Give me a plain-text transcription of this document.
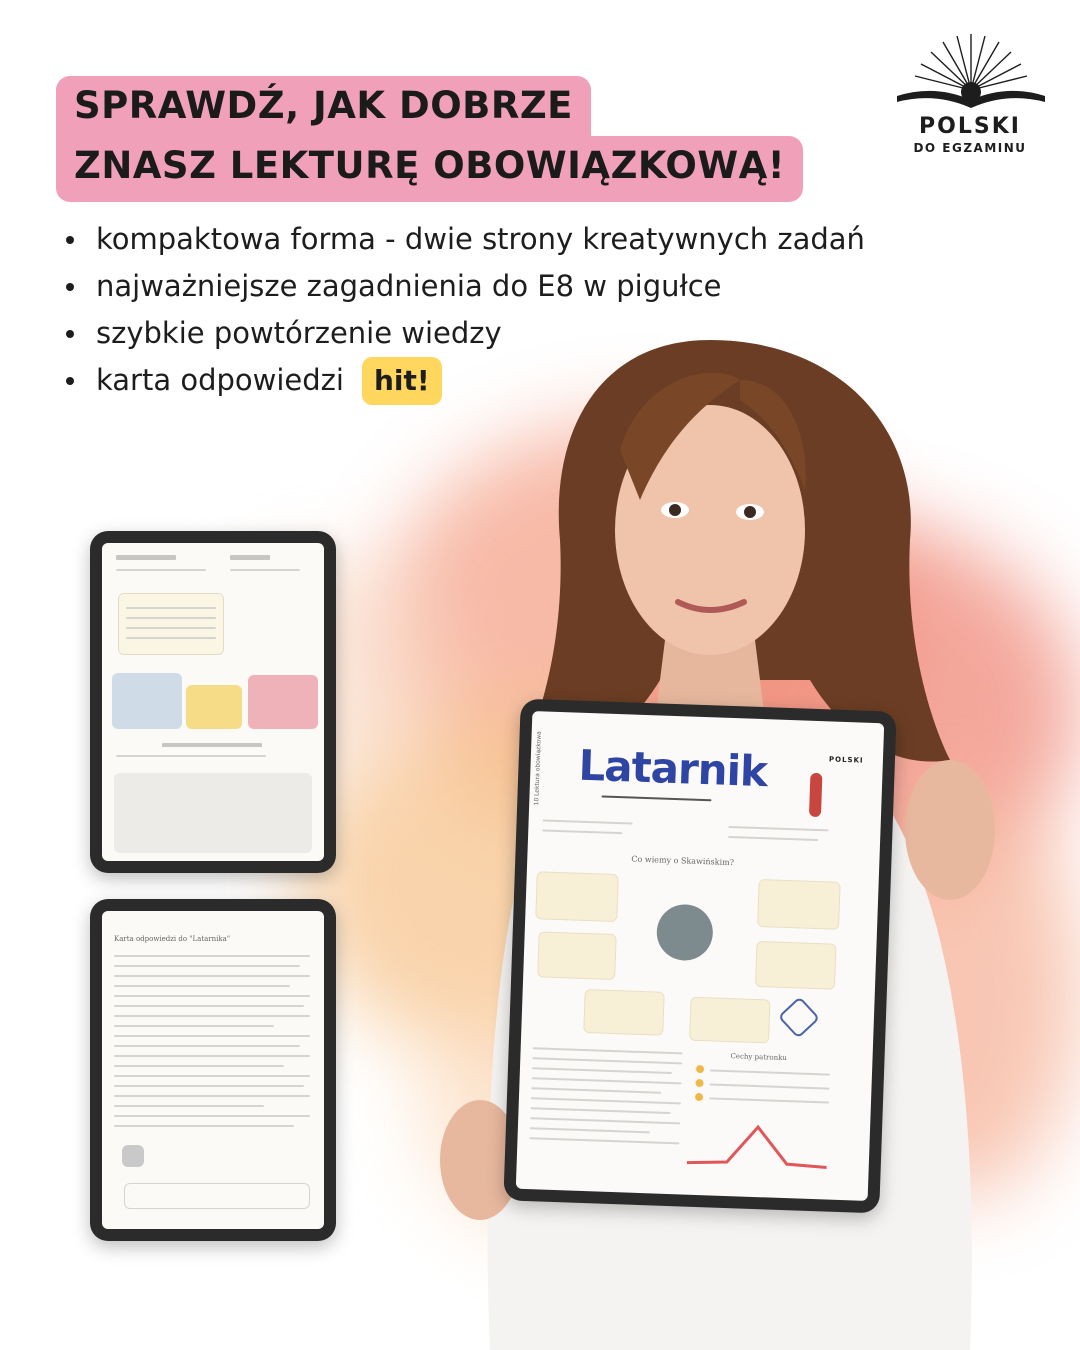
SPRAWDŹ, JAK DOBRZE
ZNASZ LEKTURĘ OBOWIĄZKOWĄ!
POLSKI
DO EGZAMINU
kompaktowa forma - dwie strony kreatywnych zadań
najważniejsze zagadnienia do E8 w pigułce
szybkie powtórzenie wiedzy
karta odpowiedzi	hit!
Karta odpowiedzi do "Latarnika"
10 Lektura obowiązkowa Latarnik	POLSKI
Co wiemy o Skawińskim?
Cechy patronku
